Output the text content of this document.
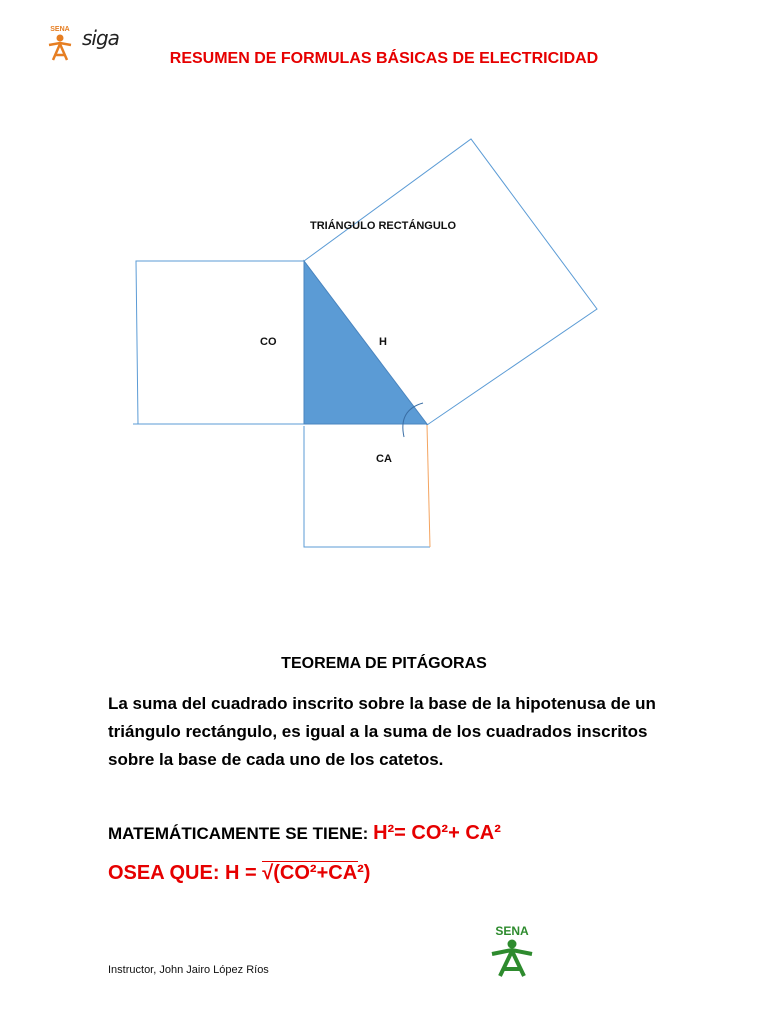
SENA siga
RESUMEN DE FORMULAS BÁSICAS DE ELECTRICIDAD
TRIÁNGULO RECTÁNGULO
CO	H
CA
TEOREMA DE PITÁGORAS

La suma del cuadrado inscrito sobre la base de la hipotenusa de un triángulo rectángulo, es igual a la suma de los cuadrados inscritos sobre la base de cada uno de los catetos.

MATEMÁTICAMENTE SE TIENE: H²= CO²+ CA²
OSEA QUE: H = √(CO²+CA²)
SENA
Instructor, John Jairo López Ríos
